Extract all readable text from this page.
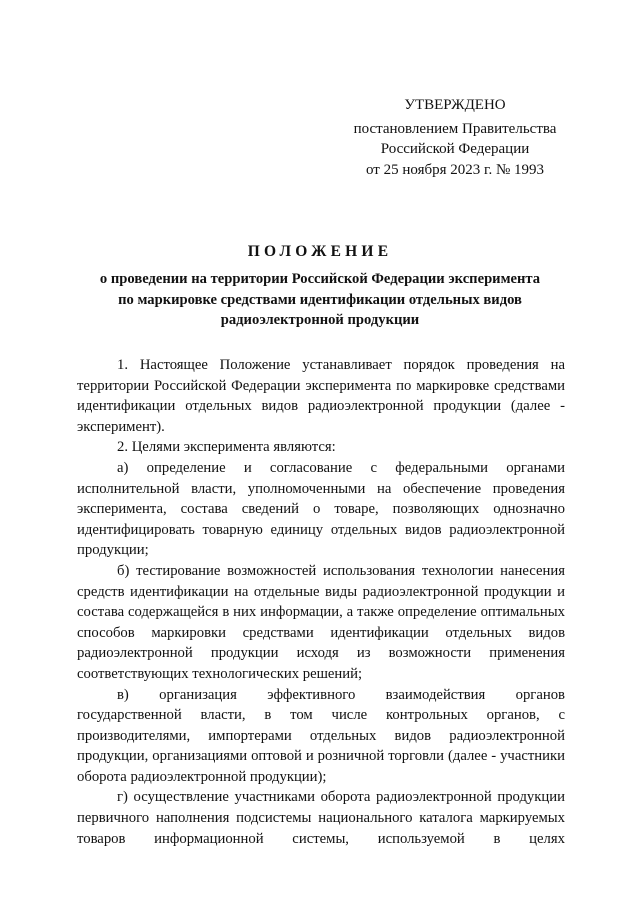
УТВЕРЖДЕНО
постановлением Правительства
Российской Федерации
от 25 ноября 2023 г. № 1993
ПОЛОЖЕНИЕ
о проведении на территории Российской Федерации эксперимента
по маркировке средствами идентификации отдельных видов
радиоэлектронной продукции

1. Настоящее Положение устанавливает порядок проведения на территории Российской Федерации эксперимента по маркировке средствами идентификации отдельных видов радиоэлектронной продукции (далее - эксперимент).

2. Целями эксперимента являются:

а) определение и согласование с федеральными органами исполнительной власти, уполномоченными на обеспечение проведения эксперимента, состава сведений о товаре, позволяющих однозначно идентифицировать товарную единицу отдельных видов радиоэлектронной продукции;

б) тестирование возможностей использования технологии нанесения средств идентификации на отдельные виды радиоэлектронной продукции и состава содержащейся в них информации, а также определение оптимальных способов маркировки средствами идентификации отдельных видов радиоэлектронной продукции исходя из возможности применения соответствующих технологических решений;

в) организация эффективного взаимодействия органов государственной власти, в том числе контрольных органов, с производителями, импортерами отдельных видов радиоэлектронной продукции, организациями оптовой и розничной торговли (далее - участники оборота радиоэлектронной продукции);

г) осуществление участниками оборота радиоэлектронной продукции первичного наполнения подсистемы национального каталога маркируемых товаров информационной системы, используемой в целях
